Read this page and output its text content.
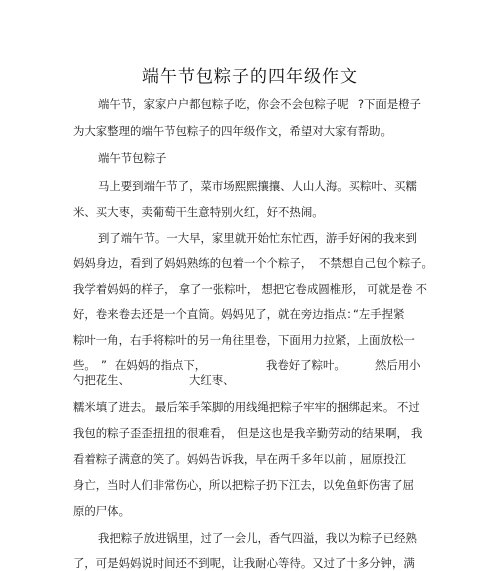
端午节包粽子的四年级作文
端午节，家家户户都包粽子吃，你会不会包粽子呢 ?下面是橙子
为大家整理的端午节包粽子的四年级作文，希望对大家有帮助。
端午节包粽子
马上要到端午节了，菜市场熙熙攘攘、人山人海。买粽叶、买糯
米、买大枣，卖葡萄干生意特别火红，好不热闹。
到了端午节。一大早，家里就开始忙东忙西，游手好闲的我来到
妈妈身边，看到了妈妈熟练的包着一个个粽子， 不禁想自己包个粽子。
我学着妈妈的样子， 拿了一张粽叶， 想把它卷成圆椎形， 可就是卷 不
好，卷来卷去还是一个直筒。妈妈见了，就在旁边指点：
“左手捏紧
粽叶一角，右手将粽叶的另一角往里卷，下面用力拉紧，上面放松一
些。 ” 在妈妈的指点下，	我卷好了粽叶。	然后用小
勺把花生、	大红枣、
糯米填了进去。 最后笨手笨脚的用线绳把粽子牢牢的捆绑起来。 不过
我包的粽子歪歪扭扭的很难看， 但是这也是我辛勤劳动的结果啊， 我
看着粽子满意的笑了。妈妈告诉我，早在两千多年以前 ，屈原投江
身亡，当时人们非常伤心， 所以把粽子扔下江去，以免鱼虾伤害了屈
原的尸体。
我把粽子放进锅里，过了一会儿，香气四溢，我以为粽子已经熟
了，可是妈妈说时间还不到呢，让我耐心等待。又过了十多分钟，满
